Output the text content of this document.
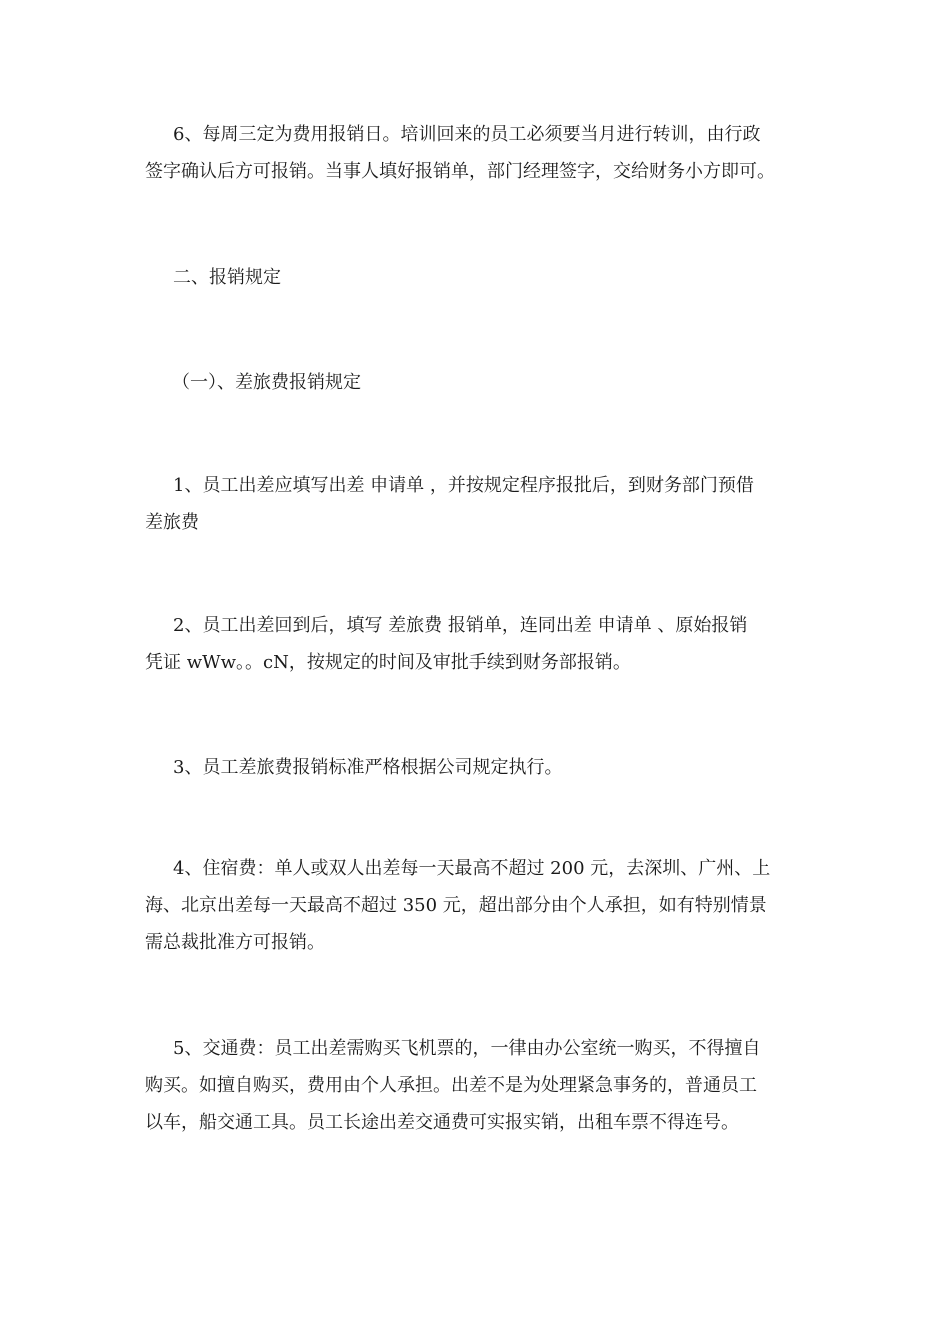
6、每周三定为费用报销日。培训回来的员工必须要当月进行转训，由行政
签字确认后方可报销。当事人填好报销单，部门经理签字，交给财务小方即可。

二、报销规定

（一）、差旅费报销规定

1、员工出差应填写出差 申请单 ，并按规定程序报批后，到财务部门预借
差旅费

2、员工出差回到后，填写 差旅费 报销单，连同出差 申请单 、原始报销
凭证 wWw。。cN，按规定的时间及审批手续到财务部报销。

3、员工差旅费报销标准严格根据公司规定执行。

4、住宿费：单人或双人出差每一天最高不超过 200 元，去深圳、广州、上
海、北京出差每一天最高不超过 350 元，超出部分由个人承担，如有特别情景
需总裁批准方可报销。

5、交通费：员工出差需购买飞机票的，一律由办公室统一购买，不得擅自
购买。如擅自购买，费用由个人承担。出差不是为处理紧急事务的，普通员工
以车，船交通工具。员工长途出差交通费可实报实销，出租车票不得连号。
